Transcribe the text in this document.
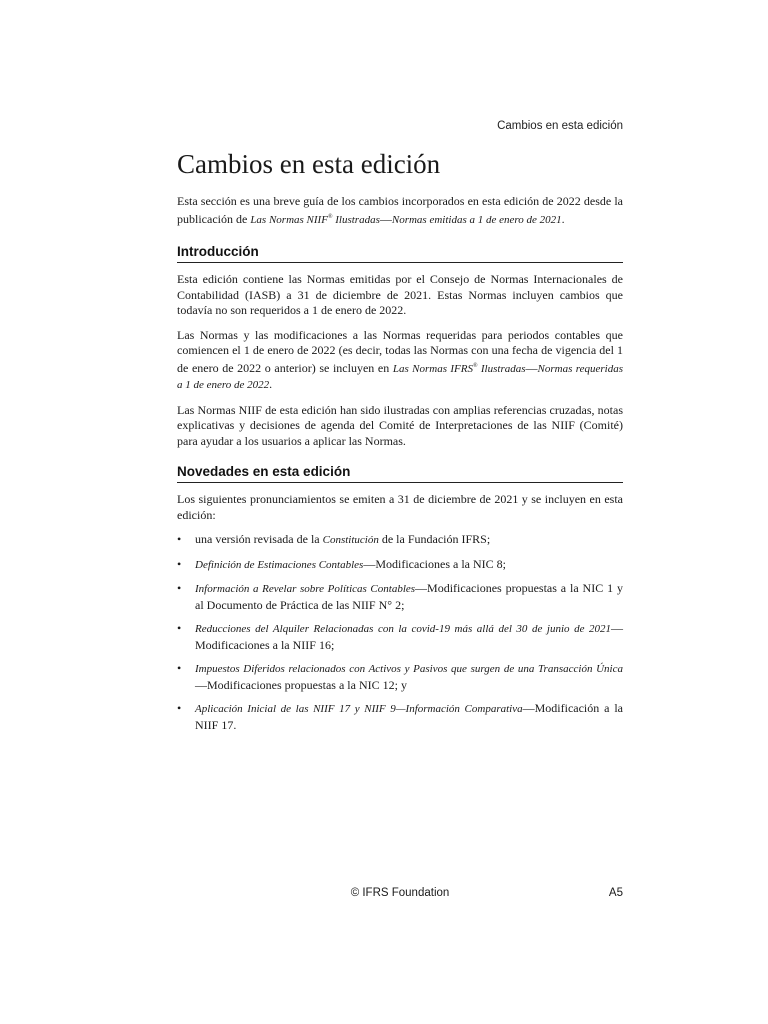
Cambios en esta edición
Cambios en esta edición

Esta sección es una breve guía de los cambios incorporados en esta edición de 2022 desde la publicación de Las Normas NIIF® Ilustradas—Normas emitidas a 1 de enero de 2021.

Introducción

Esta edición contiene las Normas emitidas por el Consejo de Normas Internacionales de Contabilidad (IASB) a 31 de diciembre de 2021. Estas Normas incluyen cambios que todavía no son requeridos a 1 de enero de 2022.

Las Normas y las modificaciones a las Normas requeridas para periodos contables que comiencen el 1 de enero de 2022 (es decir, todas las Normas con una fecha de vigencia del 1 de enero de 2022 o anterior) se incluyen en Las Normas IFRS® Ilustradas—Normas requeridas a 1 de enero de 2022.

Las Normas NIIF de esta edición han sido ilustradas con amplias referencias cruzadas, notas explicativas y decisiones de agenda del Comité de Interpretaciones de las NIIF (Comité) para ayudar a los usuarios a aplicar las Normas.

Novedades en esta edición

Los siguientes pronunciamientos se emiten a 31 de diciembre de 2021 y se incluyen en esta edición:

• una versión revisada de la Constitución de la Fundación IFRS;
• Definición de Estimaciones Contables—Modificaciones a la NIC 8;
• Información a Revelar sobre Políticas Contables—Modificaciones propuestas a la NIC 1 y al Documento de Práctica de las NIIF N° 2;
• Reducciones del Alquiler Relacionadas con la covid-19 más allá del 30 de junio de 2021—Modificaciones a la NIIF 16;
• Impuestos Diferidos relacionados con Activos y Pasivos que surgen de una Transacción Única—Modificaciones propuestas a la NIC 12; y
• Aplicación Inicial de las NIIF 17 y NIIF 9—Información Comparativa—Modificación a la NIIF 17.
© IFRS Foundation	A5
